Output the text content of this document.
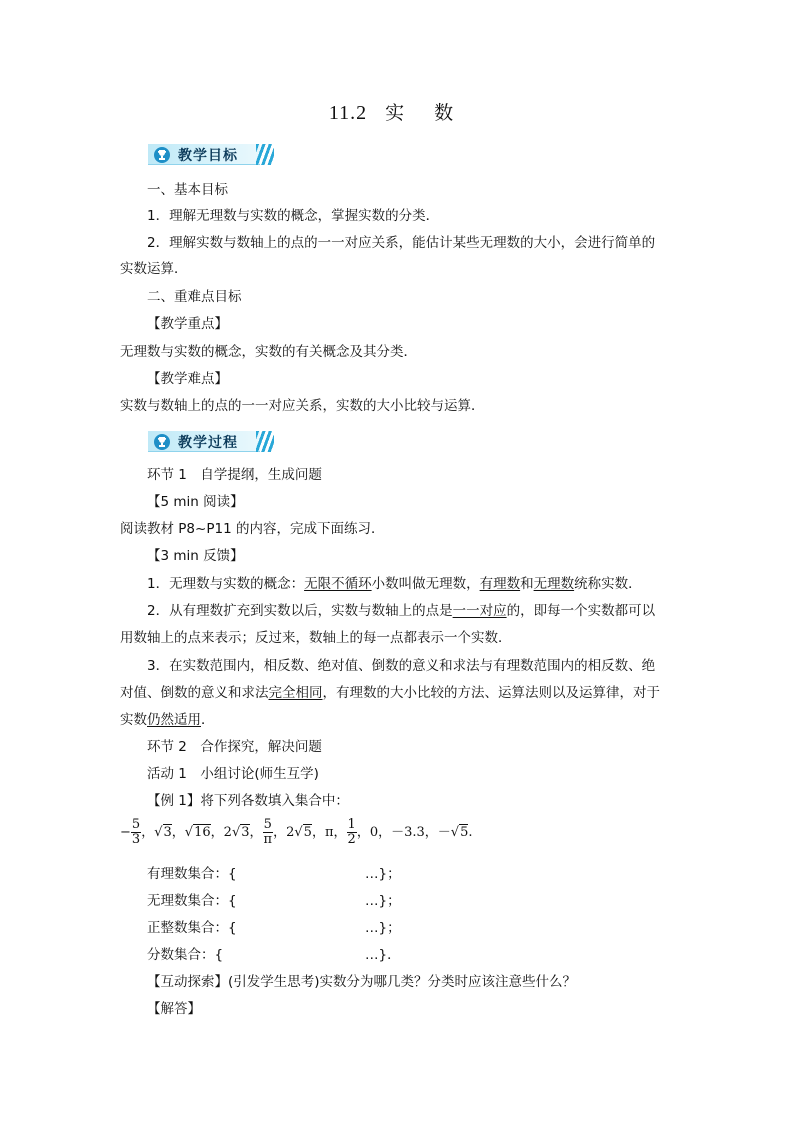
11.2 实 数
教学目标
一、基本目标
1．理解无理数与实数的概念，掌握实数的分类．
2．理解实数与数轴上的点的一一对应关系，能估计某些无理数的大小，会进行简单的
实数运算．
二、重难点目标
【教学重点】
无理数与实数的概念，实数的有关概念及其分类．
【教学难点】
实数与数轴上的点的一一对应关系，实数的大小比较与运算．
教学过程
环节 1　自学提纲，生成问题
【5 min 阅读】
阅读教材 P8~P11 的内容，完成下面练习．
【3 min 反馈】
1．无理数与实数的概念：无限不循环小数叫做无理数，有理数和无理数统称实数．
2．从有理数扩充到实数以后，实数与数轴上的点是一一对应的，即每一个实数都可以
用数轴上的点来表示；反过来，数轴上的每一点都表示一个实数．
3．在实数范围内，相反数、绝对值、倒数的意义和求法与有理数范围内的相反数、绝
对值、倒数的意义和求法完全相同，有理数的大小比较的方法、运算法则以及运算律，对于
实数仍然适用．
环节 2　合作探究，解决问题
活动 1　小组讨论(师生互学)
【例 1】将下列各数填入集合中：
− $\frac{5}{3}$ ，√3，√16，2√3， $\frac{5}{\pi}$ ，2√5，π， $\frac{1}{2}$ ，0，－3.3，－√5.
有理数集合：{	…}；
无理数集合：{	…}；
正整数集合：{	…}；
分数集合：{	…}．
【互动探索】(引发学生思考)实数分为哪几类？分类时应该注意些什么？
【解答】
